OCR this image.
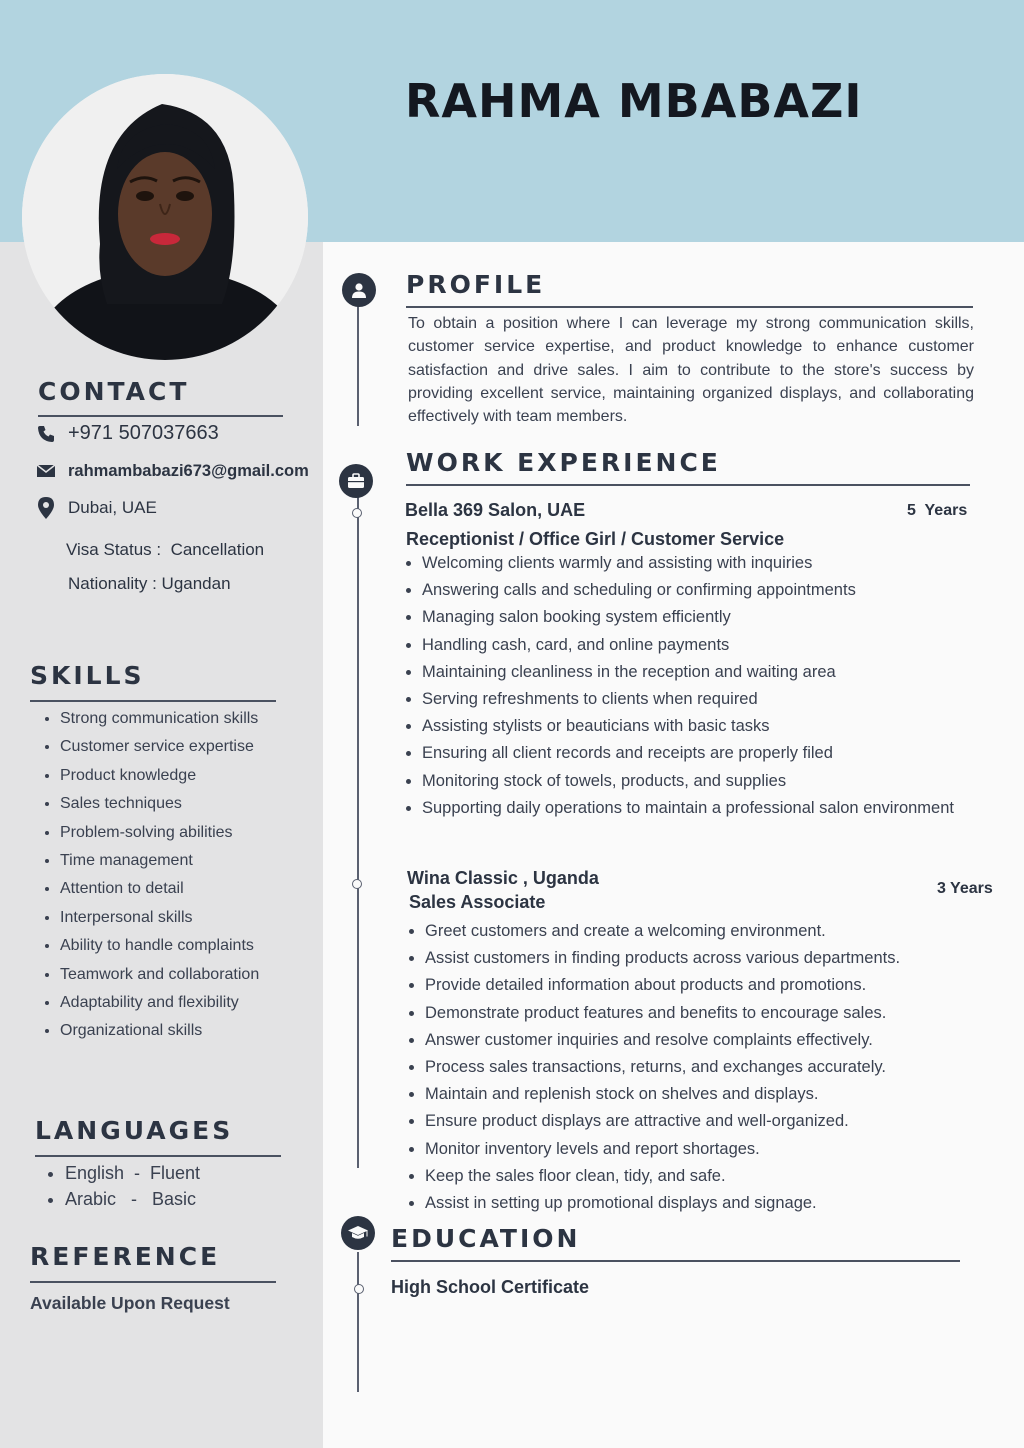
RAHMA MBABAZI
CONTACT
+971 507037663
rahmambabazi673@gmail.com
Dubai, UAE
Visa Status :  Cancellation
Nationality : Ugandan
SKILLS
• Strong communication skills
• Customer service expertise
• Product knowledge
• Sales techniques
• Problem-solving abilities
• Time management
• Attention to detail
• Interpersonal skills
• Ability to handle complaints
• Teamwork and collaboration
• Adaptability and flexibility
• Organizational skills
LANGUAGES
• English  -  Fluent
• Arabic   -   Basic
REFERENCE
Available Upon Request
PROFILE

To obtain a position where I can leverage my strong communication skills, customer service expertise, and product knowledge to enhance customer satisfaction and drive sales. I aim to contribute to the store's success by providing excellent service, maintaining organized displays, and collaborating effectively with team members.

WORK EXPERIENCE
Bella 369 Salon, UAE	5  Years
Receptionist / Office Girl / Customer Service
• Welcoming clients warmly and assisting with inquiries
• Answering calls and scheduling or confirming appointments
• Managing salon booking system efficiently
• Handling cash, card, and online payments
• Maintaining cleanliness in the reception and waiting area
• Serving refreshments to clients when required
• Assisting stylists or beauticians with basic tasks
• Ensuring all client records and receipts are properly filed
• Monitoring stock of towels, products, and supplies
• Supporting daily operations to maintain a professional salon environment
Wina Classic , Uganda
3 Years
Sales Associate
• Greet customers and create a welcoming environment.
• Assist customers in finding products across various departments.
• Provide detailed information about products and promotions.
• Demonstrate product features and benefits to encourage sales.
• Answer customer inquiries and resolve complaints effectively.
• Process sales transactions, returns, and exchanges accurately.
• Maintain and replenish stock on shelves and displays.
• Ensure product displays are attractive and well-organized.
• Monitor inventory levels and report shortages.
• Keep the sales floor clean, tidy, and safe.
• Assist in setting up promotional displays and signage.
EDUCATION
High School Certificate
